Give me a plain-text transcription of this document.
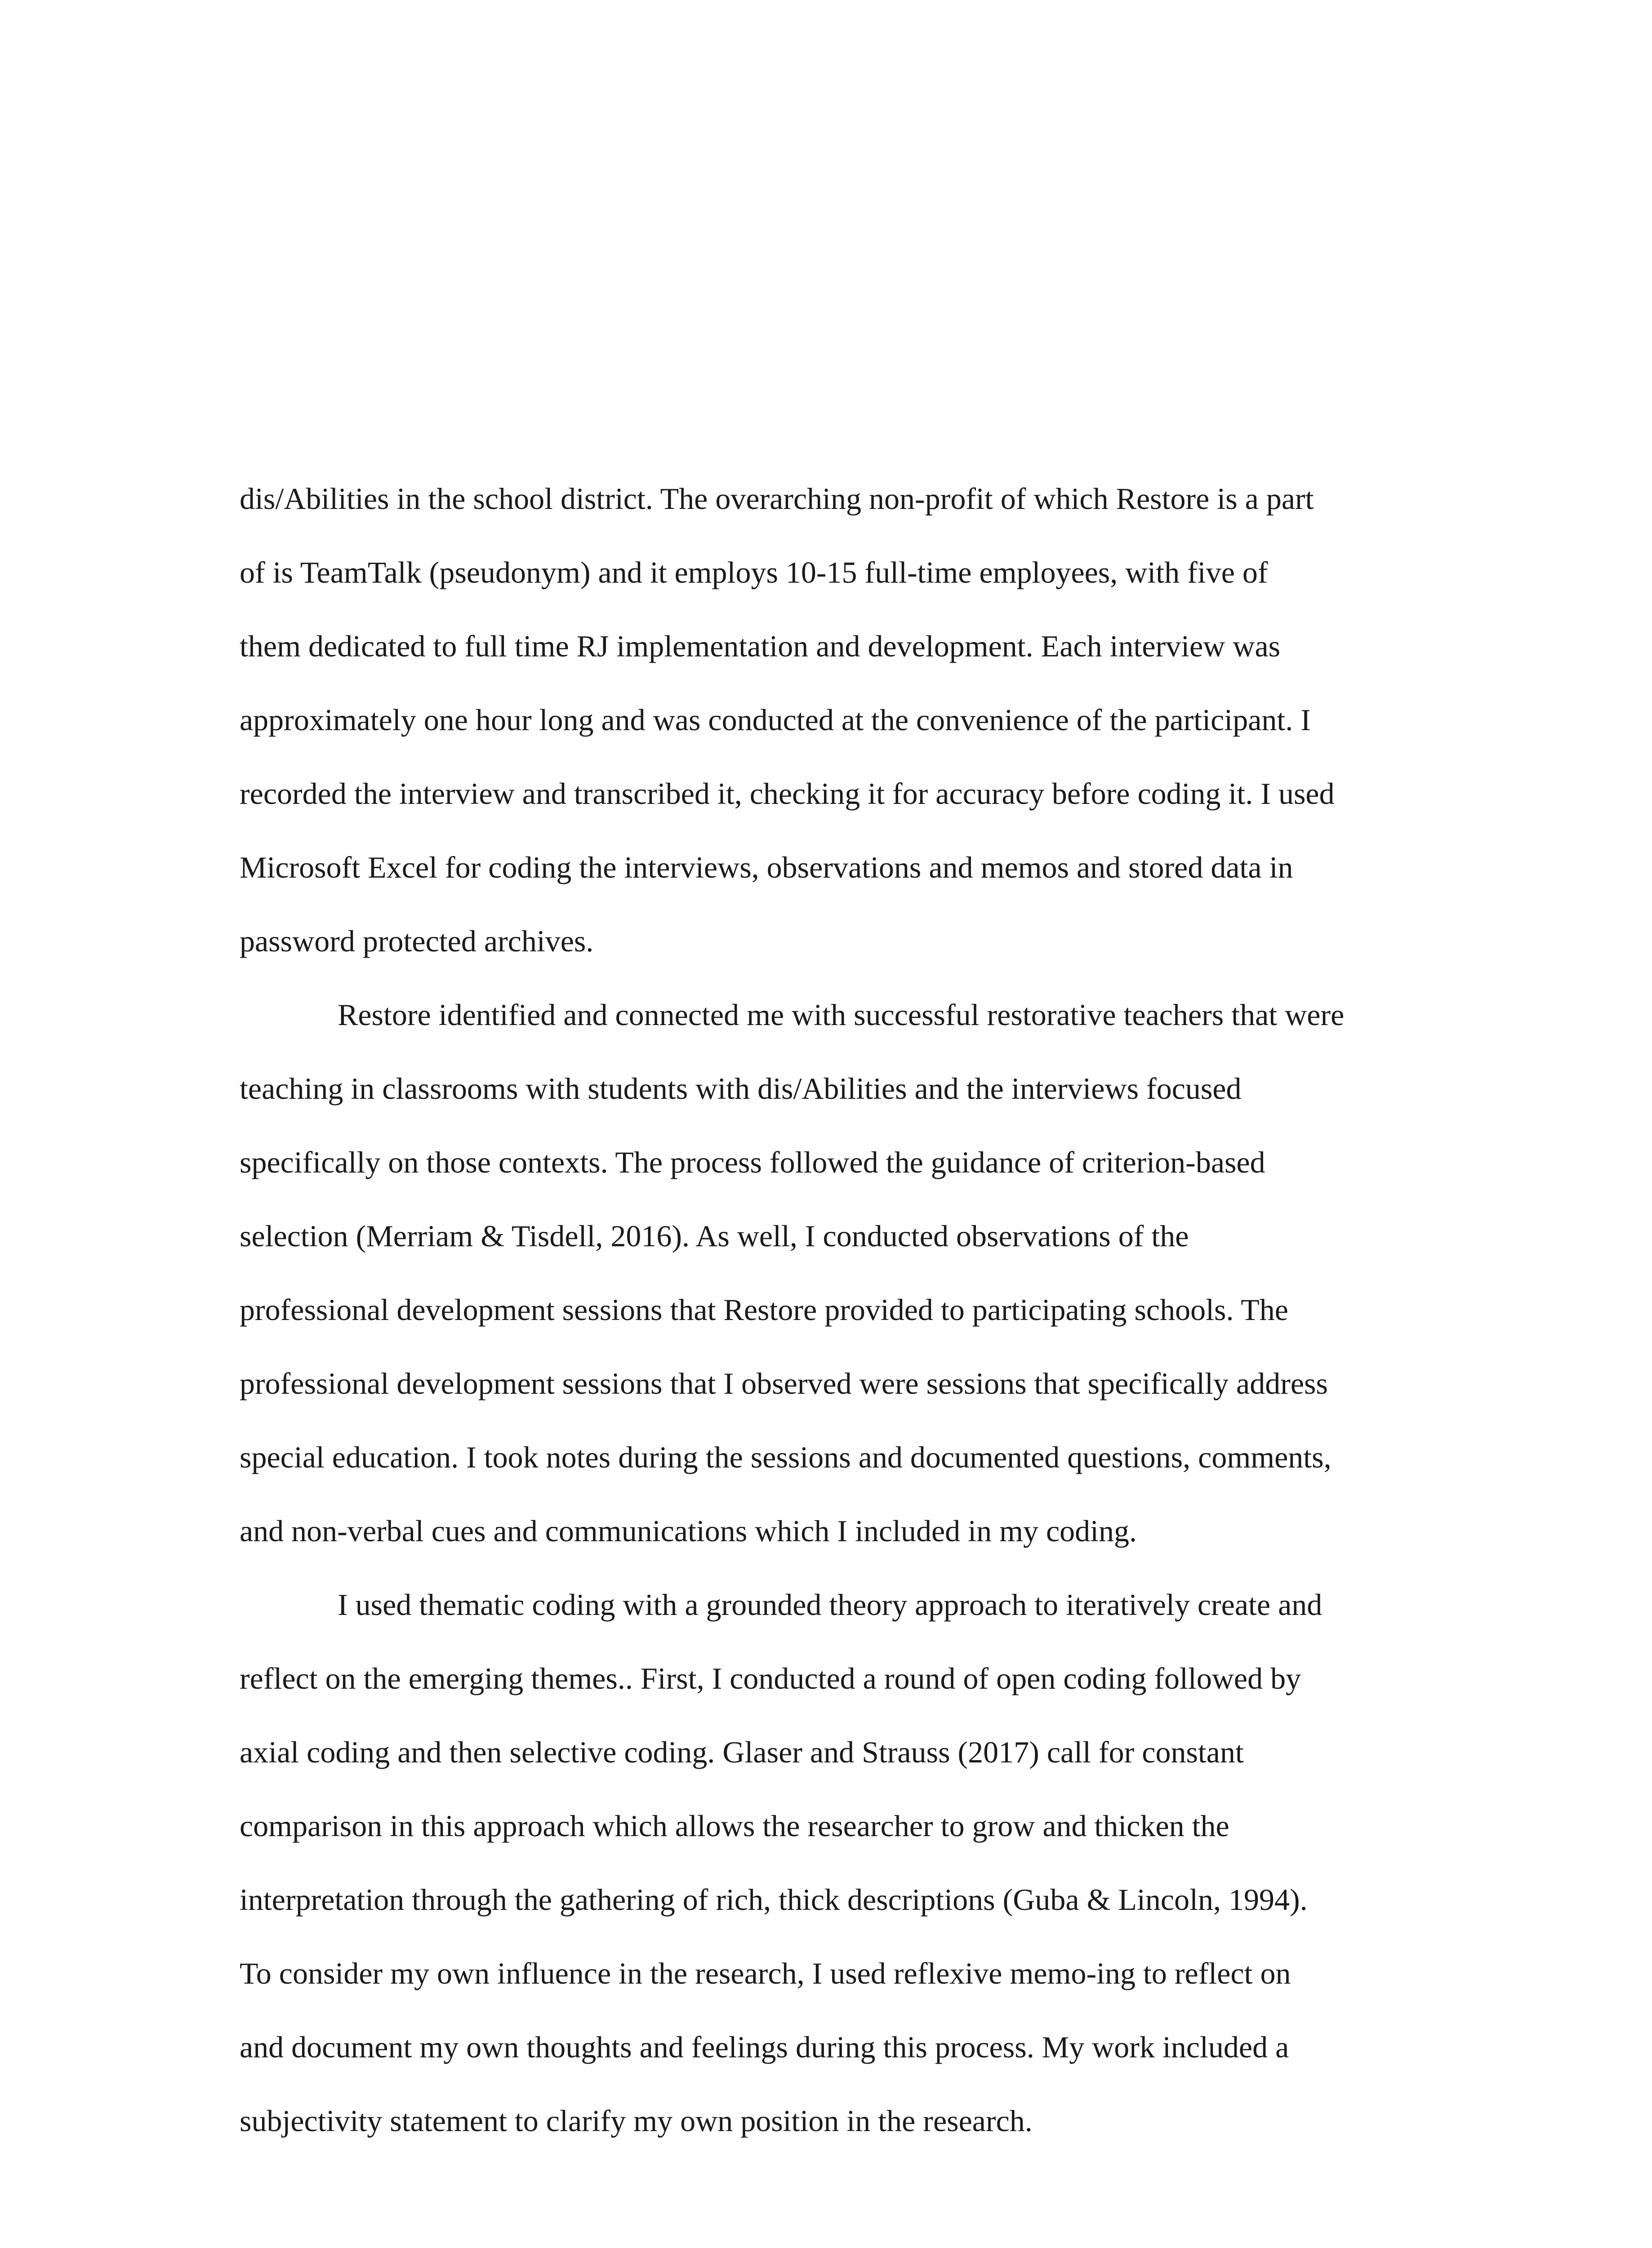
dis/Abilities in the school district. The overarching non-profit of which Restore is a part
of is TeamTalk (pseudonym) and it employs 10-15 full-time employees, with five of
them dedicated to full time RJ implementation and development. Each interview was
approximately one hour long and was conducted at the convenience of the participant. I
recorded the interview and transcribed it, checking it for accuracy before coding it. I used
Microsoft Excel for coding the interviews, observations and memos and stored data in
password protected archives.
Restore identified and connected me with successful restorative teachers that were
teaching in classrooms with students with dis/Abilities and the interviews focused
specifically on those contexts. The process followed the guidance of criterion-based
selection (Merriam & Tisdell, 2016). As well, I conducted observations of the
professional development sessions that Restore provided to participating schools. The
professional development sessions that I observed were sessions that specifically address
special education. I took notes during the sessions and documented questions, comments,
and non-verbal cues and communications which I included in my coding.
I used thematic coding with a grounded theory approach to iteratively create and
reflect on the emerging themes.. First, I conducted a round of open coding followed by
axial coding and then selective coding. Glaser and Strauss (2017) call for constant
comparison in this approach which allows the researcher to grow and thicken the
interpretation through the gathering of rich, thick descriptions (Guba & Lincoln, 1994).
To consider my own influence in the research, I used reflexive memo-ing to reflect on
and document my own thoughts and feelings during this process. My work included a
subjectivity statement to clarify my own position in the research.
